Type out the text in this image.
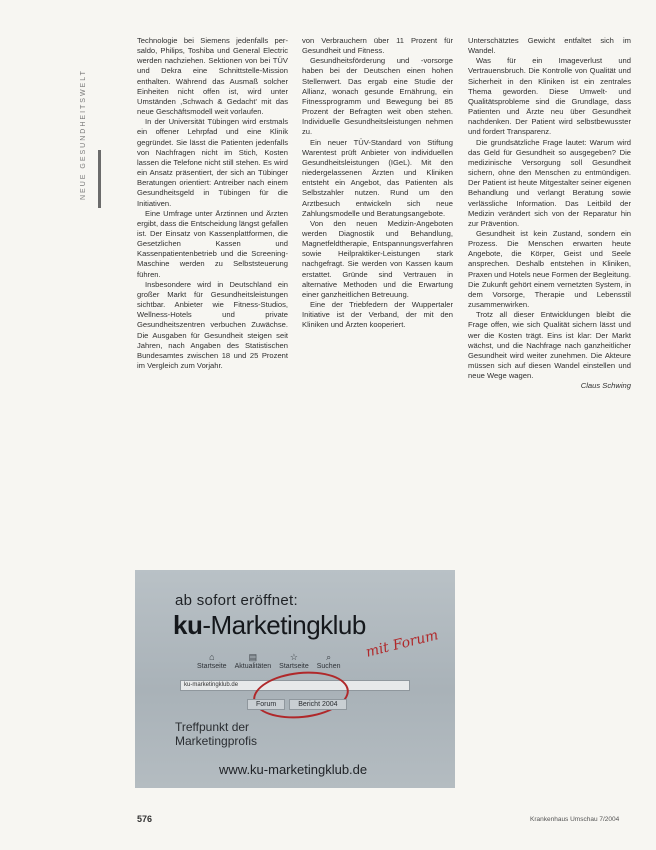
NEUE GESUNDHEITSWELT

Technologie bei Siemens jedenfalls per-saldo, Philips, Toshiba und General Electric werden nachziehen. Sektionen von bei TÜV und Dekra eine Schnittstelle-Mission enthalten. Während das Ausmaß solcher Einheiten nicht offen ist, wird unter Umständen ,Schwach & Gedacht' mit das neue Geschäftsmodell weit vorlaufen.

In der Universität Tübingen wird erstmals ein offener Lehrpfad und eine Klinik gegründet. Sie lässt die Patienten jedenfalls von Nachfragen nicht im Stich, Kosten lassen die Telefone nicht still stehen. Es wird ein Ansatz präsentiert, der sich an Tübinger Beratungen orientiert: Antreiber nach einem Gesundheitsgeld in Tübingen für die Initiativen.

Eine Umfrage unter Ärztinnen und Ärzten ergibt, dass die Entscheidung längst gefallen ist. Der Einsatz von Kassenplattformen, die Gesetzlichen Kassen und Kassenpatientenbetrieb und die Screening-Maschine werden zu Selbststeuerung führen.

Insbesondere wird in Deutschland ein großer Markt für Gesundheitsleistungen sichtbar. Anbieter wie Fitness-Studios, Wellness-Hotels und private Gesundheitszentren verbuchen Zuwächse. Die Ausgaben für Gesundheit steigen seit Jahren, nach Angaben des Statistischen Bundesamtes zwischen 18 und 25 Prozent im Vergleich zum Vorjahr.

von Verbrauchern über 11 Prozent für Gesundheit und Fitness.

Gesundheitsförderung und -vorsorge haben bei der Deutschen einen hohen Stellenwert. Das ergab eine Studie der Allianz, wonach gesunde Ernährung, ein Fitnessprogramm und Bewegung bei 85 Prozent der Befragten weit oben stehen. Individuelle Gesundheitsleistungen nehmen zu.

Ein neuer TÜV-Standard von Stiftung Warentest prüft Anbieter von individuellen Gesundheitsleistungen (IGeL). Mit den niedergelassenen Ärzten und Kliniken entsteht ein Angebot, das Patienten als Selbstzahler nutzen. Rund um den Arztbesuch entwickeln sich neue Zahlungsmodelle und Beratungsangebote.

Von den neuen Medizin-Angeboten werden Diagnostik und Behandlung, Magnetfeldtherapie, Entspannungsverfahren sowie Heilpraktiker-Leistungen stark nachgefragt. Sie werden von Kassen kaum erstattet. Gründe sind Vertrauen in alternative Methoden und die Erwartung einer ganzheitlichen Betreuung.

Eine der Triebfedern der Wuppertaler Initiative ist der Verband, der mit den Kliniken und Ärzten kooperiert.

Unterschätztes Gewicht entfaltet sich im Wandel.

Was für ein Imageverlust und Vertrauensbruch. Die Kontrolle von Qualität und Sicherheit in den Kliniken ist ein zentrales Thema geworden. Diese Umwelt- und Qualitätsprobleme sind die Grundlage, dass Patienten und Ärzte neu über Gesundheit nachdenken. Der Patient wird selbstbewusster und fordert Transparenz.

Die grundsätzliche Frage lautet: Warum wird das Geld für Gesundheit so ausgegeben? Die medizinische Versorgung soll Gesundheit sichern, ohne den Menschen zu entmündigen. Der Patient ist heute Mitgestalter seiner eigenen Behandlung und verlangt Beratung sowie verlässliche Information. Das Leitbild der Medizin verändert sich von der Reparatur hin zur Prävention.

Gesundheit ist kein Zustand, sondern ein Prozess. Die Menschen erwarten heute Angebote, die Körper, Geist und Seele ansprechen. Deshalb entstehen in Kliniken, Praxen und Hotels neue Formen der Begleitung. Die Zukunft gehört einem vernetzten System, in dem Vorsorge, Therapie und Lebensstil zusammenwirken.

Trotz all dieser Entwicklungen bleibt die Frage offen, wie sich Qualität sichern lässt und wer die Kosten trägt. Eins ist klar: Der Markt wächst, und die Nachfrage nach ganzheitlicher Gesundheit wird weiter zunehmen. Die Akteure müssen sich auf diesen Wandel einstellen und neue Wege wagen.

Claus Schwing

ab sofort eröffnet:
ku-Marketingklub
mit Forum
⌂
Startseite
▤
Aktualitäten
☆
Startseite
⌕
Suchen
ku-marketingklub.de
Forum	Bericht 2004
Treffpunkt der
Marketingprofis
www.ku-marketingklub.de
576	Krankenhaus Umschau 7/2004
